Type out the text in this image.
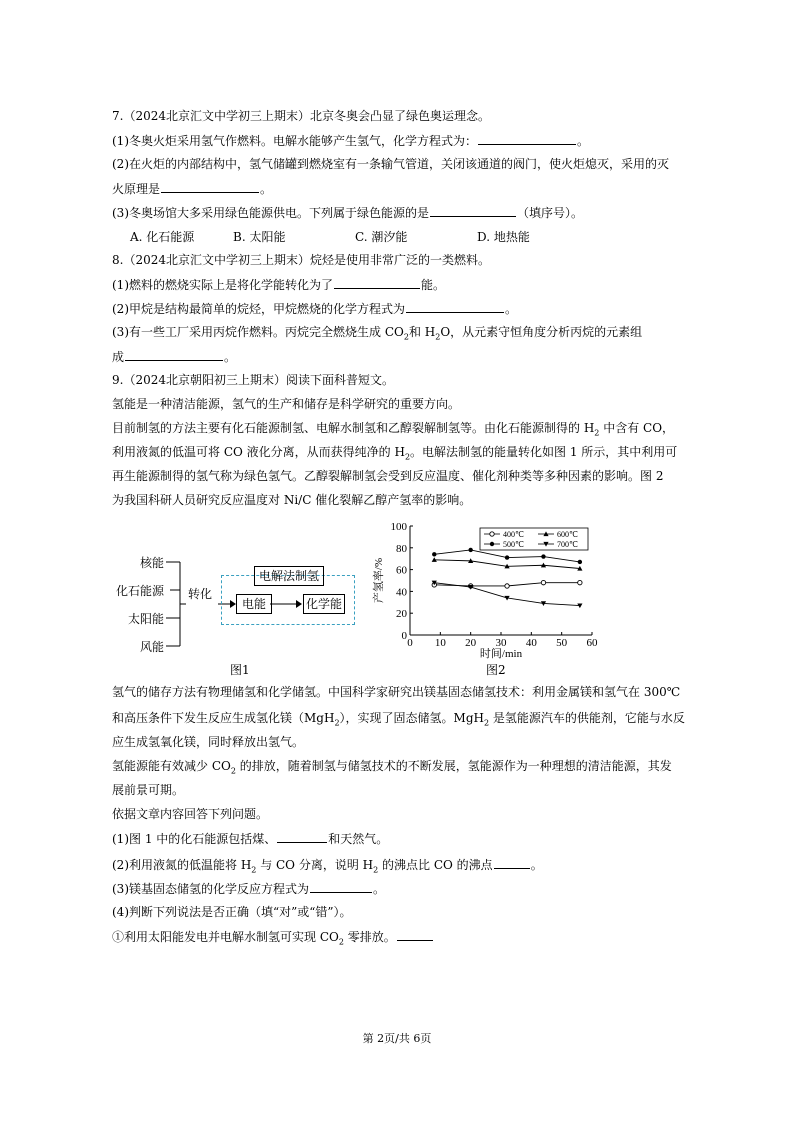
7.（2024北京汇文中学初三上期末）北京冬奥会凸显了绿色奥运理念。
(1)冬奥火炬采用氢气作燃料。电解水能够产生氢气，化学方程式为：	。
(2)在火炬的内部结构中，氢气储罐到燃烧室有一条输气管道，关闭该通道的阀门，使火炬熄灭，采用的灭
火原理是	。
(3)冬奥场馆大多采用绿色能源供电。下列属于绿色能源的是	（填序号）。
A. 化石能源	B. 太阳能	C. 潮汐能	D. 地热能
8.（2024北京汇文中学初三上期末）烷烃是使用非常广泛的一类燃料。
(1)燃料的燃烧实际上是将化学能转化为了	能。
(2)甲烷是结构最简单的烷烃，甲烷燃烧的化学方程式为	。
(3)有一些工厂采用丙烷作燃料。丙烷完全燃烧生成 $CO_2$和 $H_2O$，从元素守恒角度分析丙烷的元素组
成	。
9.（2024北京朝阳初三上期末）阅读下面科普短文。
氢能是一种清洁能源，氢气的生产和储存是科学研究的重要方向。
目前制氢的方法主要有化石能源制氢、电解水制氢和乙醇裂解制氢等。由化石能源制得的 $H_2$ 中含有 CO，
利用液氮的低温可将 CO 液化分离，从而获得纯净的 $H_2$。电解法制氢的能量转化如图 1 所示，其中利用可
再生能源制得的氢气称为绿色氢气。乙醇裂解制氢会受到反应温度、催化剂种类等多种因素的影响。图 2
为我国科研人员研究反应温度对 Ni/C 催化裂解乙醇产氢率的影响。
核能
化石能源
太阳能
风能
转化
电解法制氢
电能	化学能
图1
0 10 20 30 40 50 60
0
20
40
60
80
100
时间/min
产氢率/%
400℃	600℃
500℃	700℃
图2
氢气的储存方法有物理储氢和化学储氢。中国科学家研究出镁基固态储氢技术：利用金属镁和氢气在 300℃
和高压条件下发生反应生成氢化镁（MgH$_2$），实现了固态储氢。MgH$_2$ 是氢能源汽车的供能剂，它能与水反
应生成氢氧化镁，同时释放出氢气。
氢能源能有效减少 $CO_2$ 的排放，随着制氢与储氢技术的不断发展，氢能源作为一种理想的清洁能源，其发
展前景可期。
依据文章内容回答下列问题。
(1)图 1 中的化石能源包括煤、	和天然气。
(2)利用液氮的低温能将 $H_2$ 与 CO 分离，说明 $H_2$ 的沸点比 CO 的沸点	。
(3)镁基固态储氢的化学反应方程式为	。
(4)判断下列说法是否正确（填“对”或“错”）。
①利用太阳能发电并电解水制氢可实现 $CO_2$ 零排放。
第 2页/共 6页
